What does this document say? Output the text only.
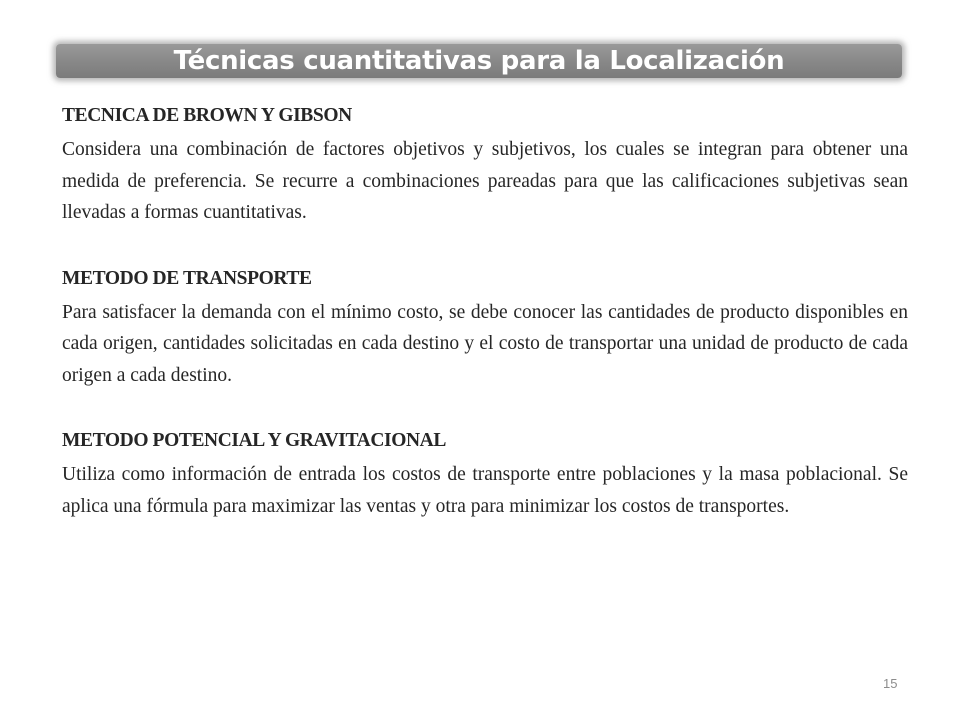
Técnicas cuantitativas para la Localización
TECNICA DE BROWN Y GIBSON

Considera una combinación de factores objetivos y subjetivos, los cuales se integran para obtener una medida de preferencia. Se recurre a combinaciones pareadas para que las calificaciones subjetivas sean llevadas a formas cuantitativas.

METODO DE TRANSPORTE

Para satisfacer la demanda con el mínimo costo, se debe conocer las cantidades de producto disponibles en cada origen, cantidades solicitadas en cada destino y el costo de transportar una unidad de producto de cada origen a cada destino.

METODO POTENCIAL Y GRAVITACIONAL

Utiliza como información de entrada los costos de transporte entre poblaciones y la masa poblacional. Se aplica una fórmula para maximizar las ventas y otra para minimizar los costos de transportes.

15
